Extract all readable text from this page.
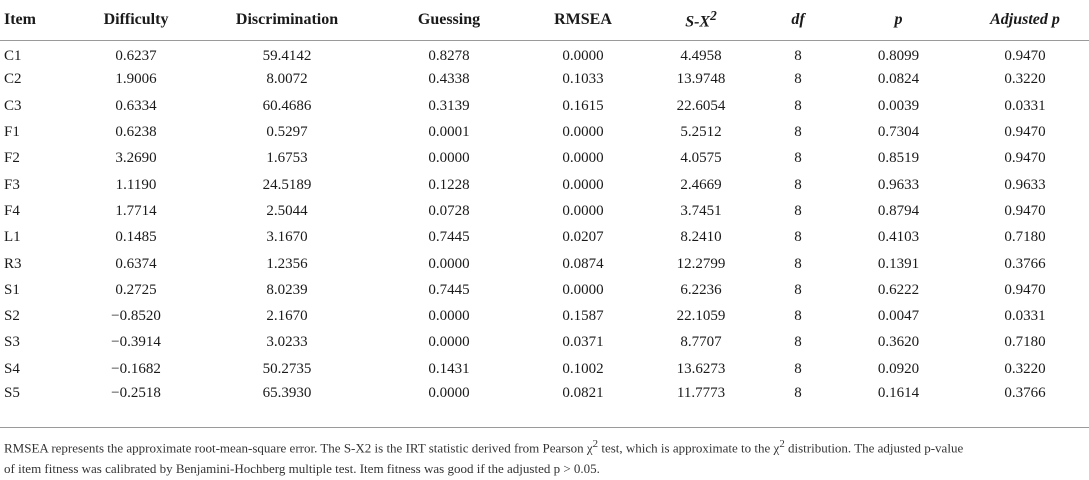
Item	Difficulty	Discrimination	Guessing	RMSEA	$S-X^2$	df	p	Adjusted p
C1	0.6237	59.4142	0.8278	0.0000	4.4958	8	0.8099	0.9470
C2	1.9006	8.0072	0.4338	0.1033	13.9748	8	0.0824	0.3220
C3	0.6334	60.4686	0.3139	0.1615	22.6054	8	0.0039	0.0331
F1	0.6238	0.5297	0.0001	0.0000	5.2512	8	0.7304	0.9470
F2	3.2690	1.6753	0.0000	0.0000	4.0575	8	0.8519	0.9470
F3	1.1190	24.5189	0.1228	0.0000	2.4669	8	0.9633	0.9633
F4	1.7714	2.5044	0.0728	0.0000	3.7451	8	0.8794	0.9470
L1	0.1485	3.1670	0.7445	0.0207	8.2410	8	0.4103	0.7180
R3	0.6374	1.2356	0.0000	0.0874	12.2799	8	0.1391	0.3766
S1	0.2725	8.0239	0.7445	0.0000	6.2236	8	0.6222	0.9470
S2	−0.8520	2.1670	0.0000	0.1587	22.1059	8	0.0047	0.0331
S3	−0.3914	3.0233	0.0000	0.0371	8.7707	8	0.3620	0.7180
S4	−0.1682	50.2735	0.1431	0.1002	13.6273	8	0.0920	0.3220
S5	−0.2518	65.3930	0.0000	0.0821	11.7773	8	0.1614	0.3766
RMSEA represents the approximate root-mean-square error. The S-X2 is the IRT statistic derived from Pearson $\chi^2$ test, which is approximate to the $\chi^2$ distribution. The adjusted p-value
of item fitness was calibrated by Benjamini-Hochberg multiple test. Item fitness was good if the adjusted p > 0.05.
